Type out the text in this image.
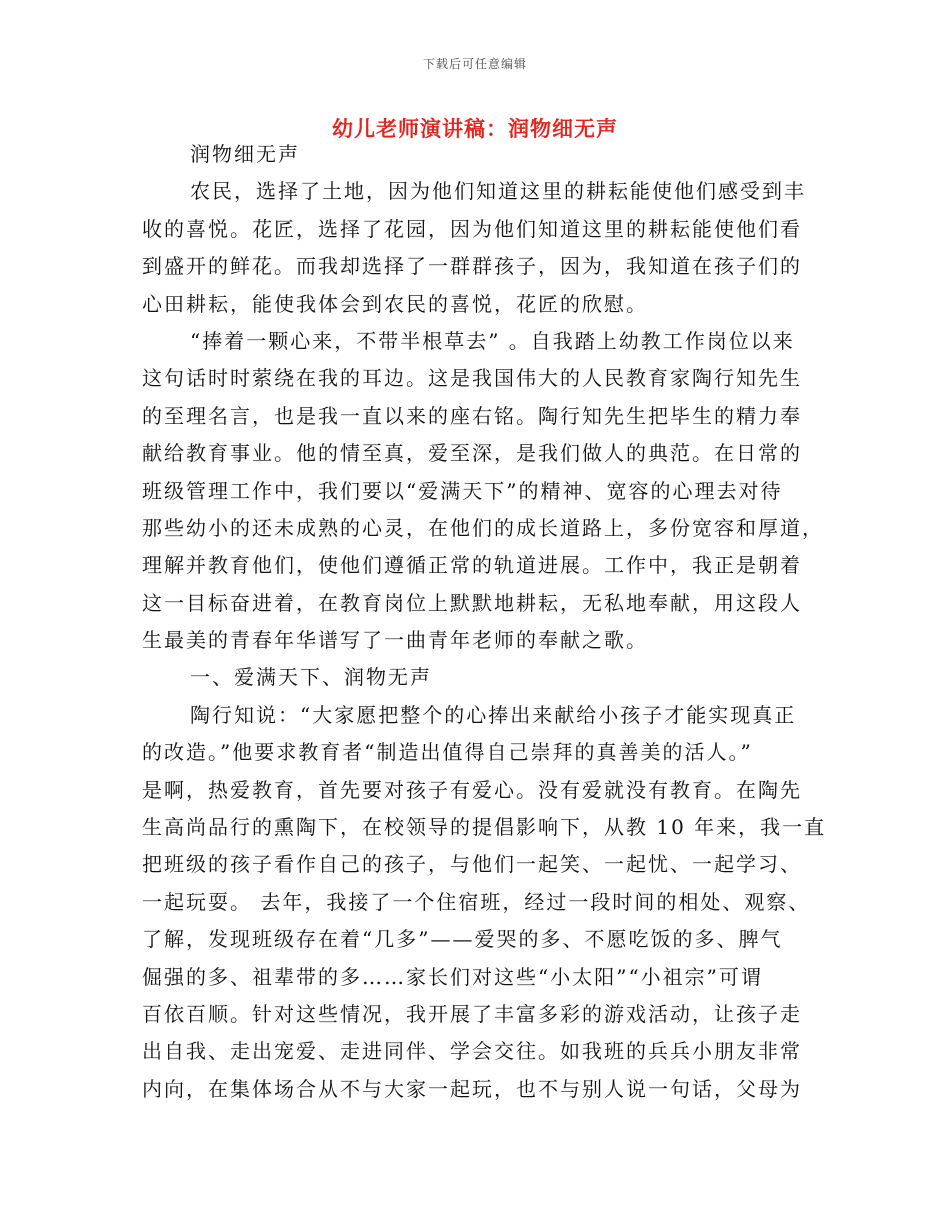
下载后可任意编辑
幼儿老师演讲稿：润物细无声
润物细无声
农民，选择了土地，因为他们知道这里的耕耘能使他们感受到丰
收的喜悦。花匠，选择了花园，因为他们知道这里的耕耘能使他们看
到盛开的鲜花。而我却选择了一群群孩子，因为，我知道在孩子们的
心田耕耘，能使我体会到农民的喜悦，花匠的欣慰。
“捧着一颗心来，不带半根草去” 。自我踏上幼教工作岗位以来
这句话时时萦绕在我的耳边。这是我国伟大的人民教育家陶行知先生
的至理名言，也是我一直以来的座右铭。陶行知先生把毕生的精力奉
献给教育事业。他的情至真，爱至深，是我们做人的典范。在日常的
班级管理工作中，我们要以“爱满天下”的精神、宽容的心理去对待
那些幼小的还未成熟的心灵，在他们的成长道路上，多份宽容和厚道，
理解并教育他们，使他们遵循正常的轨道进展。工作中，我正是朝着
这一目标奋进着，在教育岗位上默默地耕耘，无私地奉献，用这段人
生最美的青春年华谱写了一曲青年老师的奉献之歌。
一、爱满天下、润物无声
陶行知说：“大家愿把整个的心捧出来献给小孩子才能实现真正
的改造。”他要求教育者“制造出值得自己崇拜的真善美的活人。”
是啊，热爱教育，首先要对孩子有爱心。没有爱就没有教育。在陶先
生高尚品行的熏陶下，在校领导的提倡影响下，从教 10 年来，我一直
把班级的孩子看作自己的孩子，与他们一起笑、一起忧、一起学习、
一起玩耍。 去年，我接了一个住宿班，经过一段时间的相处、观察、
了解，发现班级存在着“几多”——爱哭的多、不愿吃饭的多、脾气
倔强的多、祖辈带的多……家长们对这些“小太阳”“小祖宗”可谓
百依百顺。针对这些情况，我开展了丰富多彩的游戏活动，让孩子走
出自我、走出宠爱、走进同伴、学会交往。如我班的兵兵小朋友非常
内向，在集体场合从不与大家一起玩，也不与别人说一句话，父母为
